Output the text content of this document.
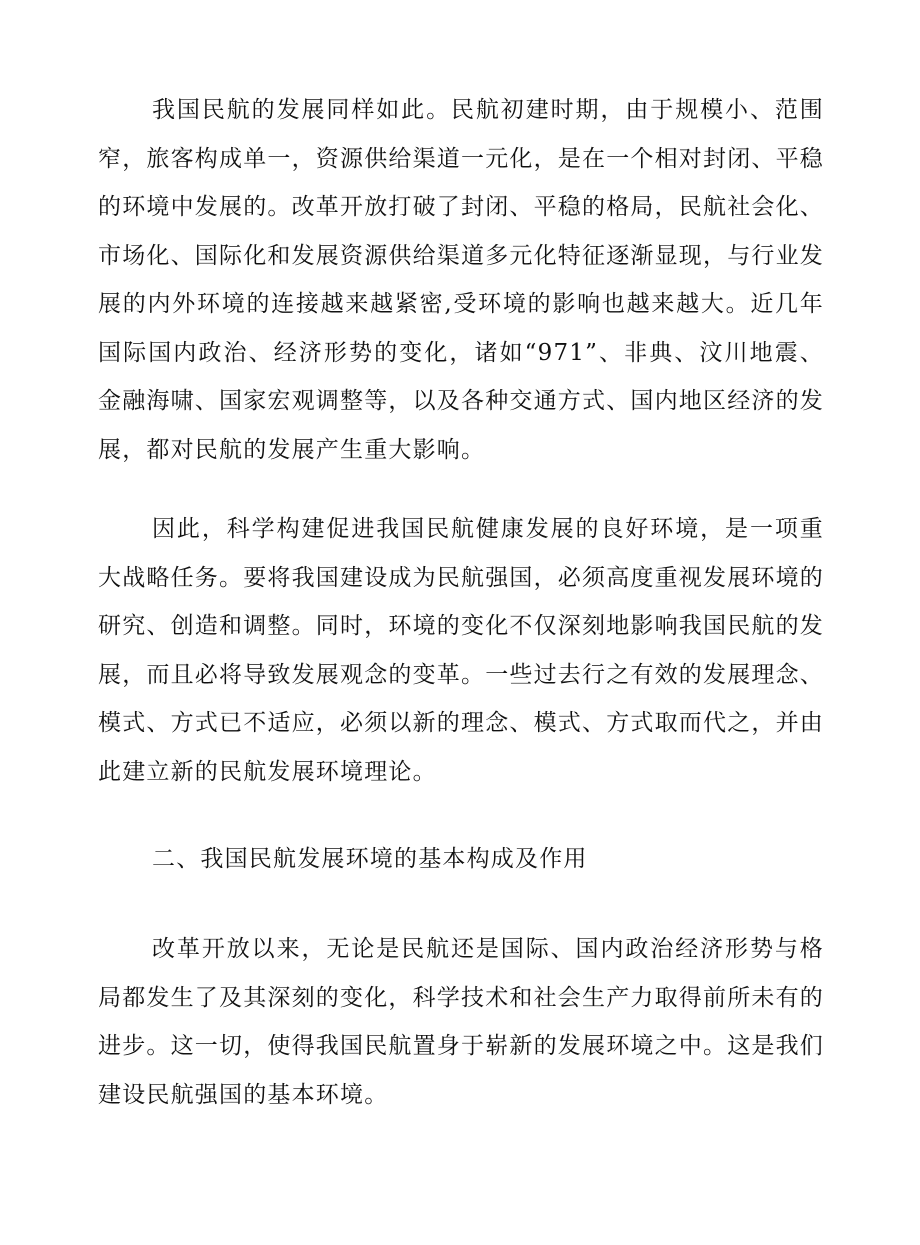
我国民航的发展同样如此。民航初建时期，由于规模小、范围窄，旅客构成单一，资源供给渠道一元化，是在一个相对封闭、平稳的环境中发展的。改革开放打破了封闭、平稳的格局，民航社会化、市场化、国际化和发展资源供给渠道多元化特征逐渐显现，与行业发展的内外环境的连接越来越紧密,受环境的影响也越来越大。近几年国际国内政治、经济形势的变化，诸如“971”、非典、汶川地震、金融海啸、国家宏观调整等，以及各种交通方式、国内地区经济的发展，都对民航的发展产生重大影响。

因此，科学构建促进我国民航健康发展的良好环境，是一项重大战略任务。要将我国建设成为民航强国，必须高度重视发展环境的研究、创造和调整。同时，环境的变化不仅深刻地影响我国民航的发展，而且必将导致发展观念的变革。一些过去行之有效的发展理念、模式、方式已不适应，必须以新的理念、模式、方式取而代之，并由此建立新的民航发展环境理论。

二、我国民航发展环境的基本构成及作用

改革开放以来，无论是民航还是国际、国内政治经济形势与格局都发生了及其深刻的变化，科学技术和社会生产力取得前所未有的进步。这一切，使得我国民航置身于崭新的发展环境之中。这是我们建设民航强国的基本环境。
